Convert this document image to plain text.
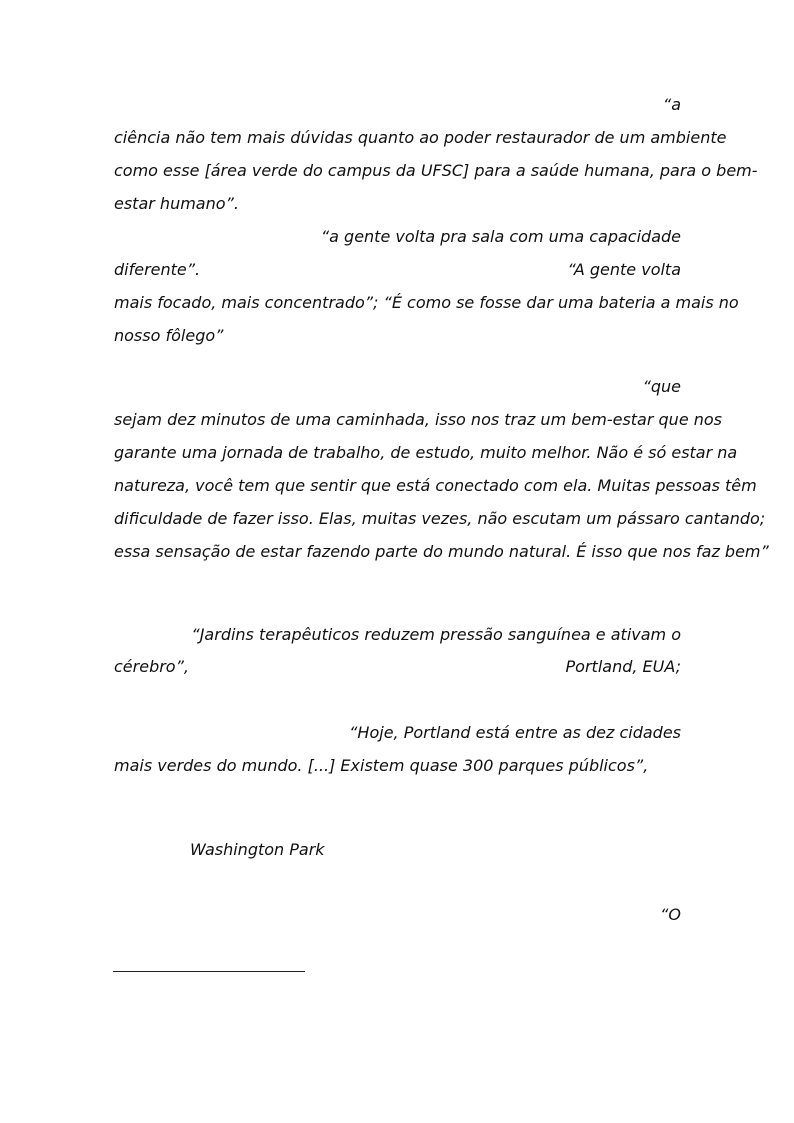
“a
ciência não tem mais dúvidas quanto ao poder restaurador de um ambiente
como esse [área verde do campus da UFSC] para a saúde humana, para o bem-
estar humano”.
“a gente volta pra sala com uma capacidade
diferente”.	“A gente volta
mais focado, mais concentrado”; “É como se fosse dar uma bateria a mais no
nosso fôlego”
“que
sejam dez minutos de uma caminhada, isso nos traz um bem-estar que nos
garante uma jornada de trabalho, de estudo, muito melhor. Não é só estar na
natureza, você tem que sentir que está conectado com ela. Muitas pessoas têm
dificuldade de fazer isso. Elas, muitas vezes, não escutam um pássaro cantando;
essa sensação de estar fazendo parte do mundo natural. É isso que nos faz bem”
“Jardins terapêuticos reduzem pressão sanguínea e ativam o
cérebro”,	Portland, EUA;
“Hoje, Portland está entre as dez cidades
mais verdes do mundo. [...] Existem quase 300 parques públicos”,
Washington Park
“O
